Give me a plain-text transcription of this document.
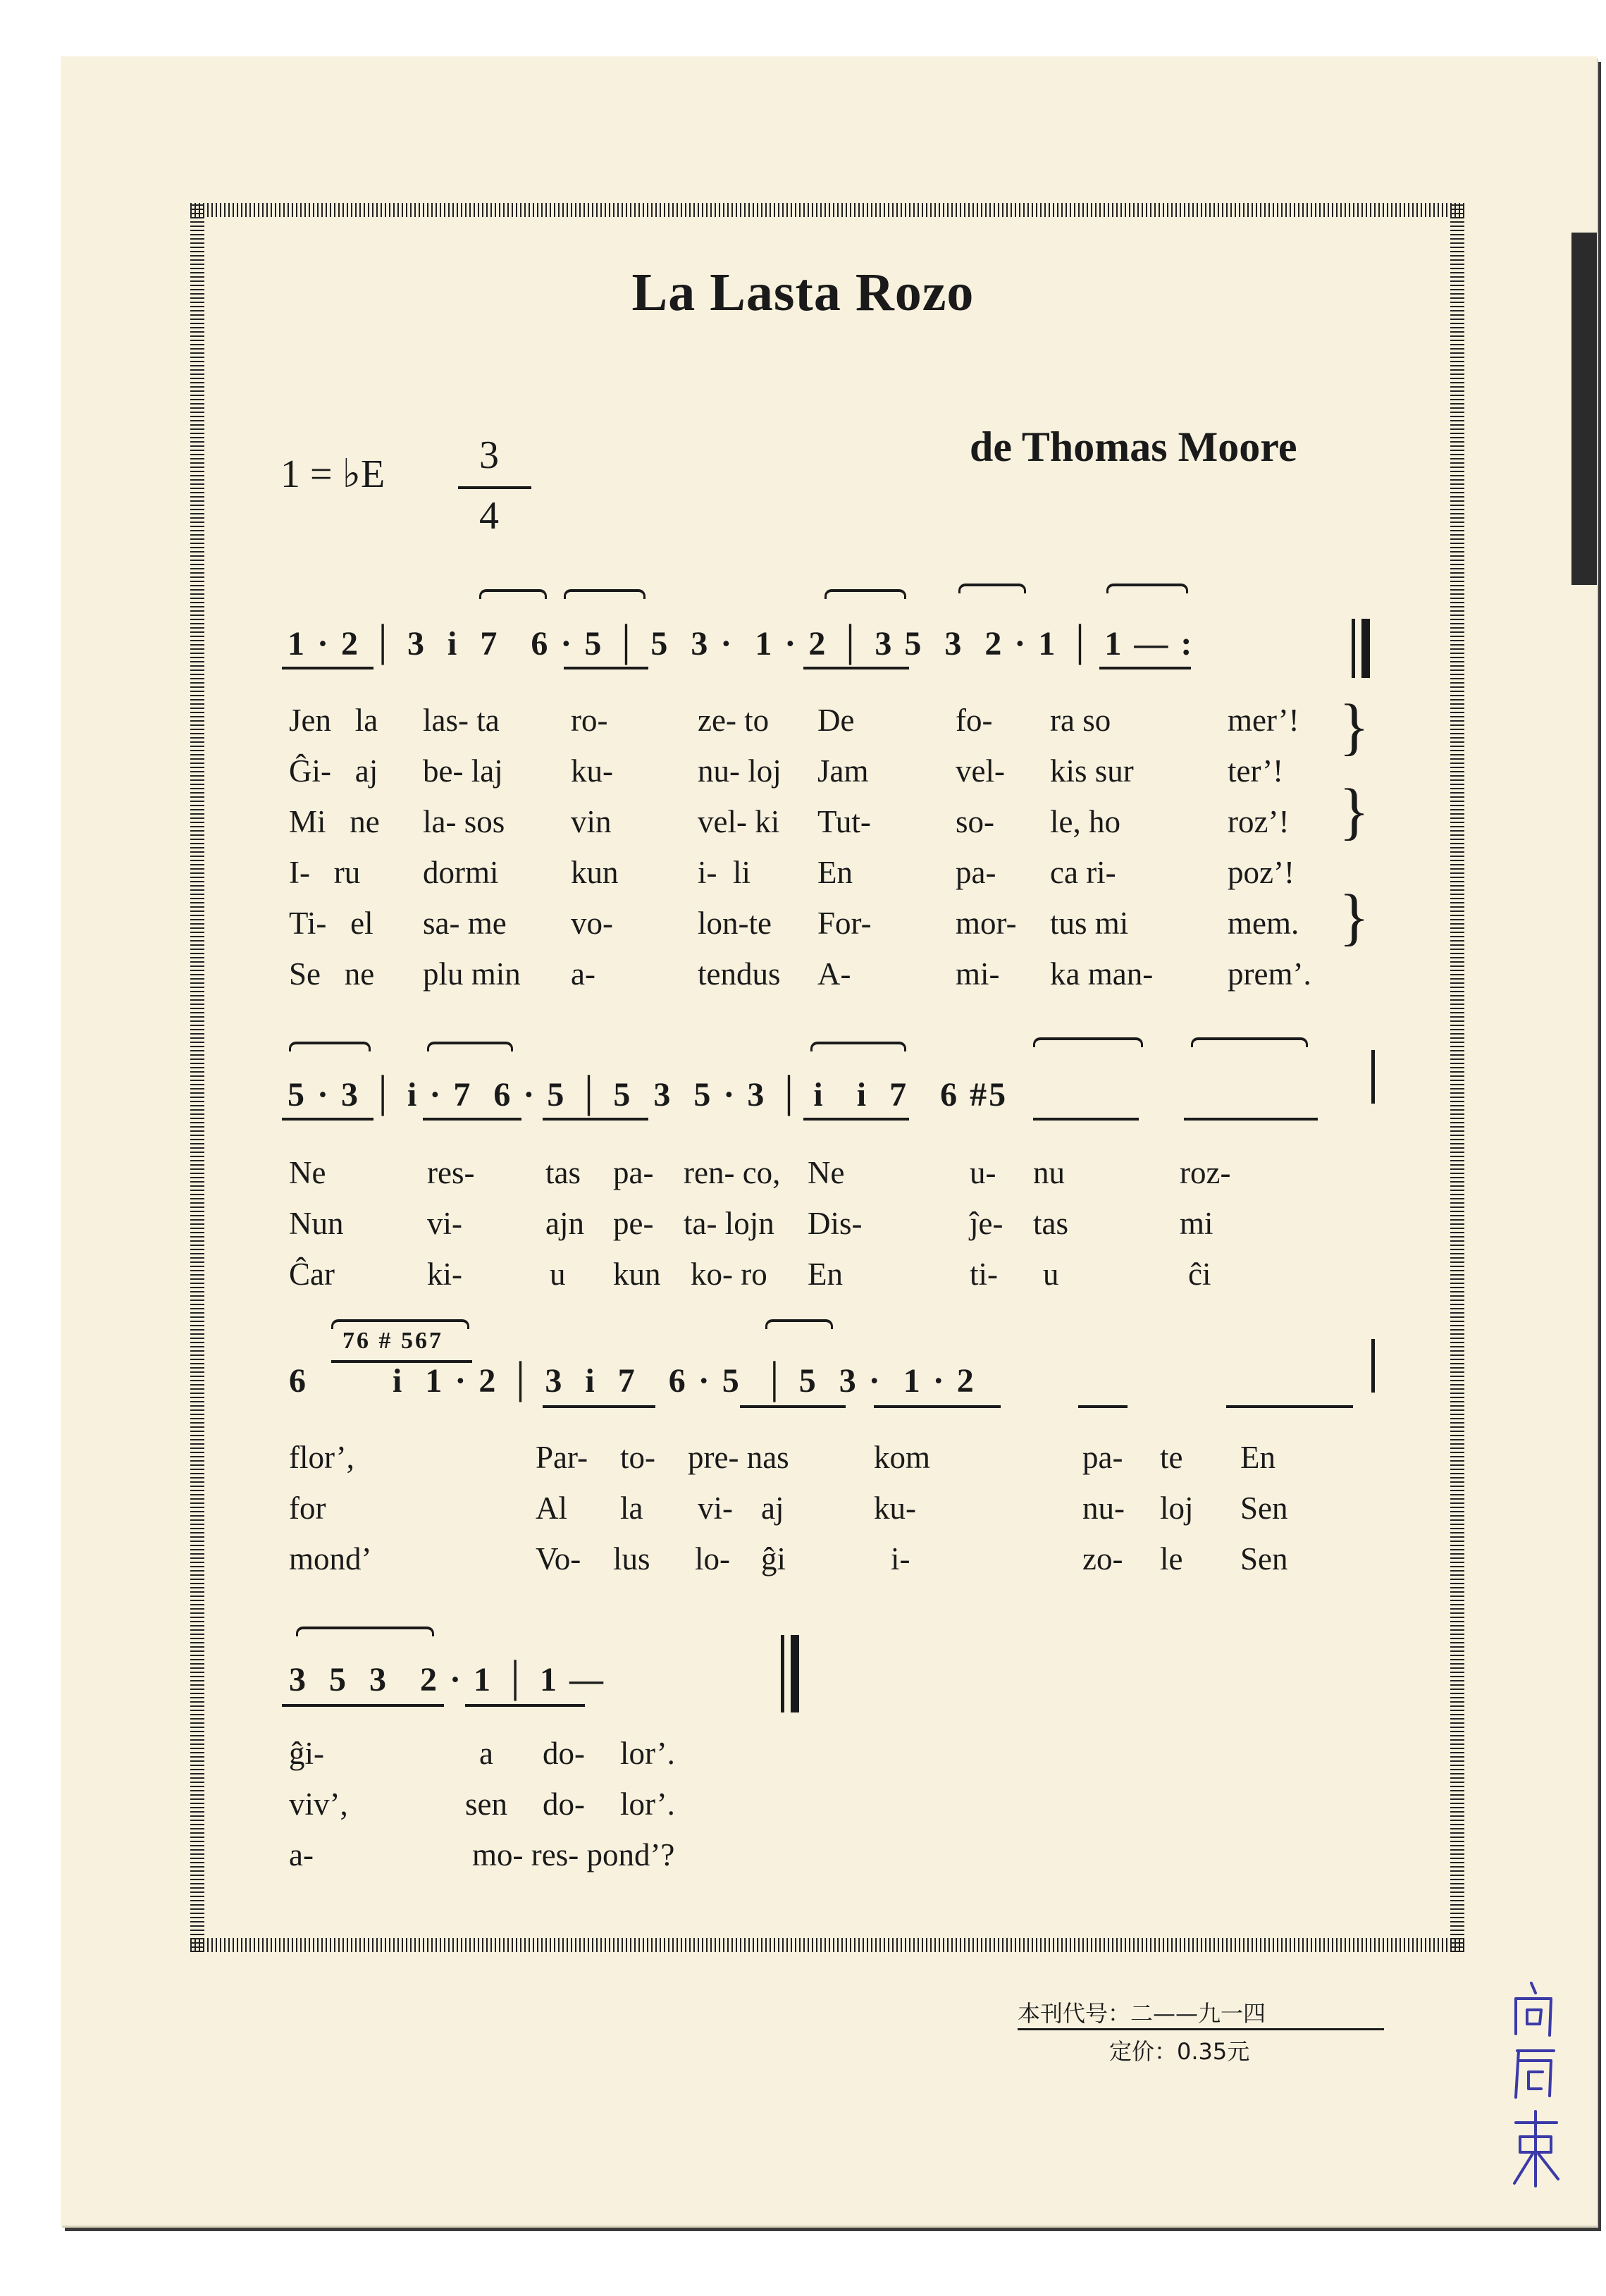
La Lasta Rozo
1 = ♭E 3
4
de Thomas Moore
1 · 2 │ 3  i  7   6 · 5 │ 5  3 ·  1 · 2 │ 3 5  3  2 · 1 │ 1 — :
Jen la las- ta ro-	ze- to De	fo- ra so	mer’!
Ĝi- aj be- laj ku-	nu- loj Jam	vel- kis sur	ter’!
Mi ne la- sos vin	vel- ki Tut-	so- le, ho	roz’!
I- ru dormi kun	i-  li En	pa- ca ri-	poz’!
Ti- el sa- me vo-	lon-te For-	mor- tus mi	mem.
Se ne plu min a-	tendus A-	mi- ka man- prem’.
}
}
}
5 · 3 │ i · 7  6 · 5 │ 5  3  5 · 3 │ i   i  7   6 #5
Ne	res- tas pa- ren- co, Ne	u- nu	roz-
Nun	vi-	ajn pe- ta- lojn Dis-	ĵe- tas	mi
Ĉar	ki-	u kun ko- ro En	ti- u	ĉi
76 # 567
6        i  1 · 2 │ 3  i  7   6 · 5  │ 5  3 ·  1 · 2
flor’,	Par- to- pre- nas	kom	pa- te En
for	Al la vi- aj	ku-	nu- loj Sen
mond’	Vo- lus lo- ĝi	i-	zo- le Sen
3  5  3   2 · 1 │ 1 —
ĝi-	a do- lor’.
viv’,	sen do- lor’.
a-	mo- res- pond’?
本刊代号：二——九一四
定价：0.35元
